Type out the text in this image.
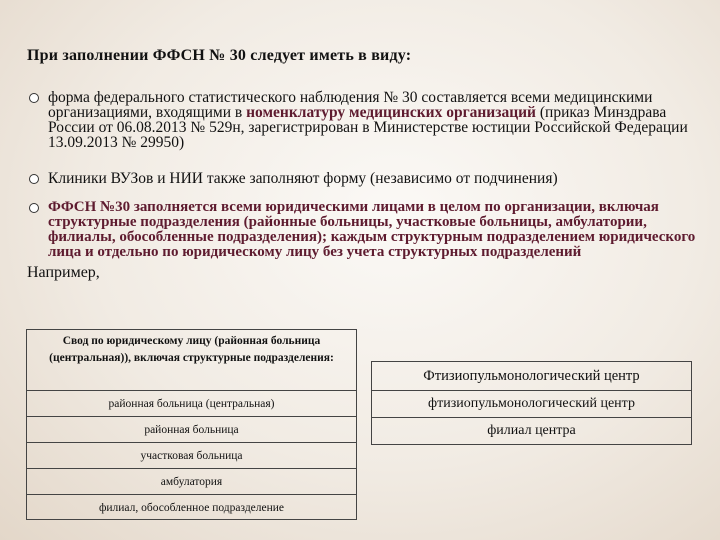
При заполнении ФФСН № 30 следует иметь в виду:
форма федерального статистического наблюдения № 30 составляется всеми медицинскими организациями, входящими в номенклатуру медицинских организаций (приказ Минздрава России от 06.08.2013 № 529н, зарегистрирован в Министерстве юстиции Российской Федерации 13.09.2013 № 29950)
Клиники ВУЗов и НИИ также заполняют форму (независимо от подчинения)
ФФСН №30 заполняется всеми юридическими лицами в целом по организации, включая структурные подразделения (районные больницы, участковые больницы, амбулатории, филиалы, обособленные подразделения); каждым структурным подразделением юридического лица и отдельно по юридическому лицу без учета структурных подразделений
Например,
Свод по юридическому лицу (районная больница (центральная)), включая структурные подразделения:
районная больница (центральная)
районная больница
участковая больница
амбулатория
филиал, обособленное подразделение
Фтизиопульмонологический центр
фтизиопульмонологический центр
филиал центра
